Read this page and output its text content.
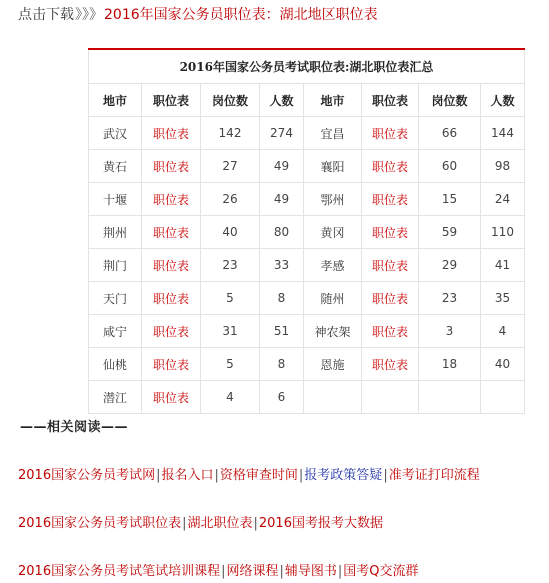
点击下载》》》2016年国家公务员职位表：湖北地区职位表
2016年国家公务员考试职位表:湖北职位表汇总							
地市	职位表	岗位数	人数	地市	职位表	岗位数	人数
武汉	职位表	142	274	宜昌	职位表	66	144
黄石	职位表	27	49	襄阳	职位表	60	98
十堰	职位表	26	49	鄂州	职位表	15	24
荆州	职位表	40	80	黄冈	职位表	59	110
荆门	职位表	23	33	孝感	职位表	29	41
天门	职位表	5	8	随州	职位表	23	35
咸宁	职位表	31	51	神农架	职位表	3	4
仙桃	职位表	5	8	恩施	职位表	18	40
潜江	职位表	4	6				
——相关阅读——
2016国家公务员考试网|报名入口|资格审查时间|报考政策答疑|准考证打印流程
2016国家公务员考试职位表|湖北职位表|2016国考报考大数据
2016国家公务员考试笔试培训课程|网络课程|辅导图书|国考Q交流群
